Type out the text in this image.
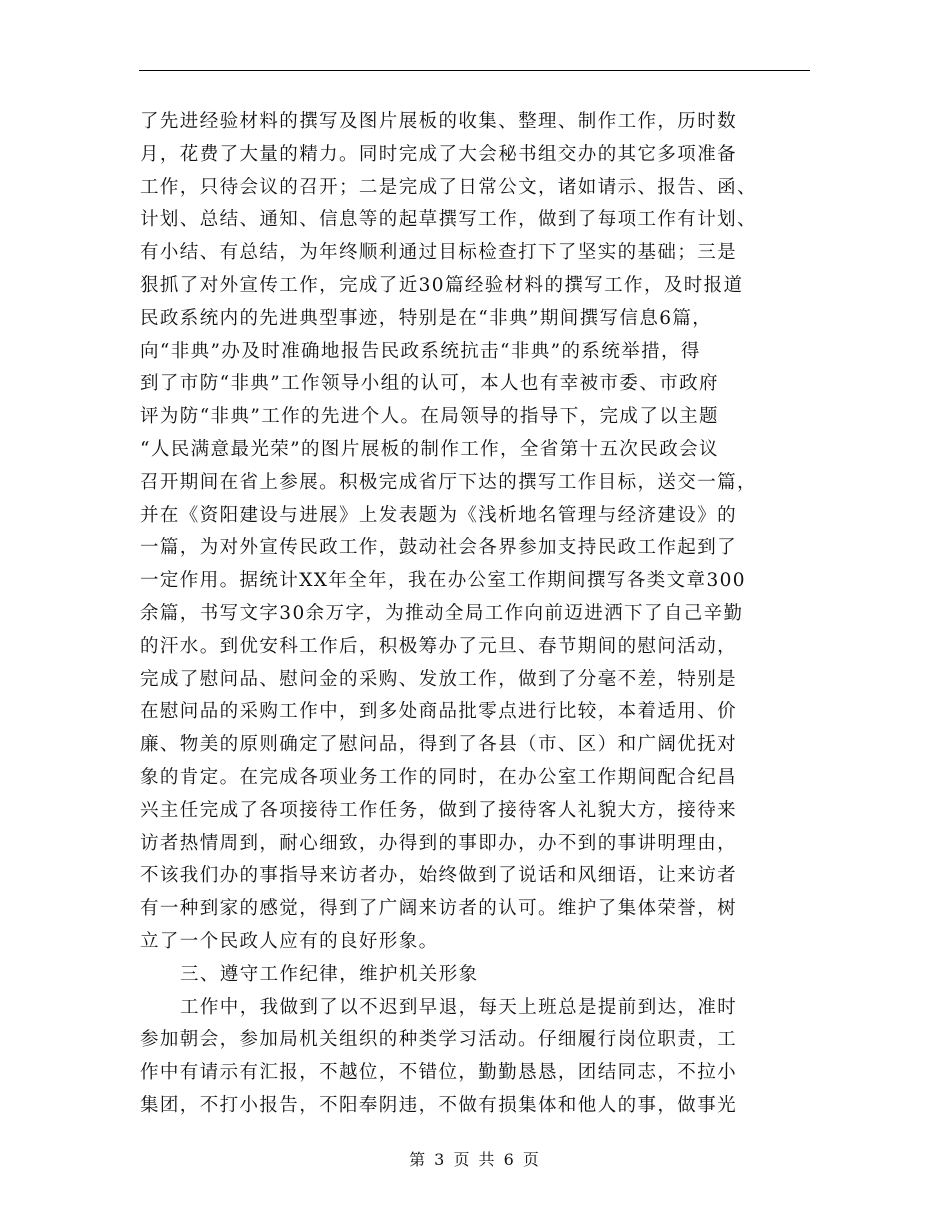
了先进经验材料的撰写及图片展板的收集、整理、制作工作，历时数
月，花费了大量的精力。同时完成了大会秘书组交办的其它多项准备
工作，只待会议的召开；二是完成了日常公文，诸如请示、报告、函、
计划、总结、通知、信息等的起草撰写工作，做到了每项工作有计划、
有小结、有总结，为年终顺利通过目标检查打下了坚实的基础；三是
狠抓了对外宣传工作，完成了近30篇经验材料的撰写工作，及时报道
民政系统内的先进典型事迹，特别是在“非典”期间撰写信息6篇，
向“非典”办及时准确地报告民政系统抗击“非典”的系统举措，得
到了市防“非典”工作领导小组的认可，本人也有幸被市委、市政府
评为防“非典”工作的先进个人。在局领导的指导下，完成了以主题
“人民满意最光荣”的图片展板的制作工作，全省第十五次民政会议
召开期间在省上参展。积极完成省厅下达的撰写工作目标，送交一篇，
并在《资阳建设与进展》上发表题为《浅析地名管理与经济建设》的
一篇，为对外宣传民政工作，鼓动社会各界参加支持民政工作起到了
一定作用。据统计XX年全年，我在办公室工作期间撰写各类文章300
余篇，书写文字30余万字，为推动全局工作向前迈进洒下了自己辛勤
的汗水。到优安科工作后，积极筹办了元旦、春节期间的慰问活动，
完成了慰问品、慰问金的采购、发放工作，做到了分毫不差，特别是
在慰问品的采购工作中，到多处商品批零点进行比较，本着适用、价
廉、物美的原则确定了慰问品，得到了各县（市、区）和广阔优抚对
象的肯定。在完成各项业务工作的同时，在办公室工作期间配合纪昌
兴主任完成了各项接待工作任务，做到了接待客人礼貌大方，接待来
访者热情周到，耐心细致，办得到的事即办，办不到的事讲明理由，
不该我们办的事指导来访者办，始终做到了说话和风细语，让来访者
有一种到家的感觉，得到了广阔来访者的认可。维护了集体荣誉，树
立了一个民政人应有的良好形象。
三、遵守工作纪律，维护机关形象
工作中，我做到了以不迟到早退，每天上班总是提前到达，准时
参加朝会，参加局机关组织的种类学习活动。仔细履行岗位职责，工
作中有请示有汇报，不越位，不错位，勤勤恳恳，团结同志，不拉小
集团，不打小报告，不阳奉阴违，不做有损集体和他人的事，做事光
第 3 页 共 6 页
